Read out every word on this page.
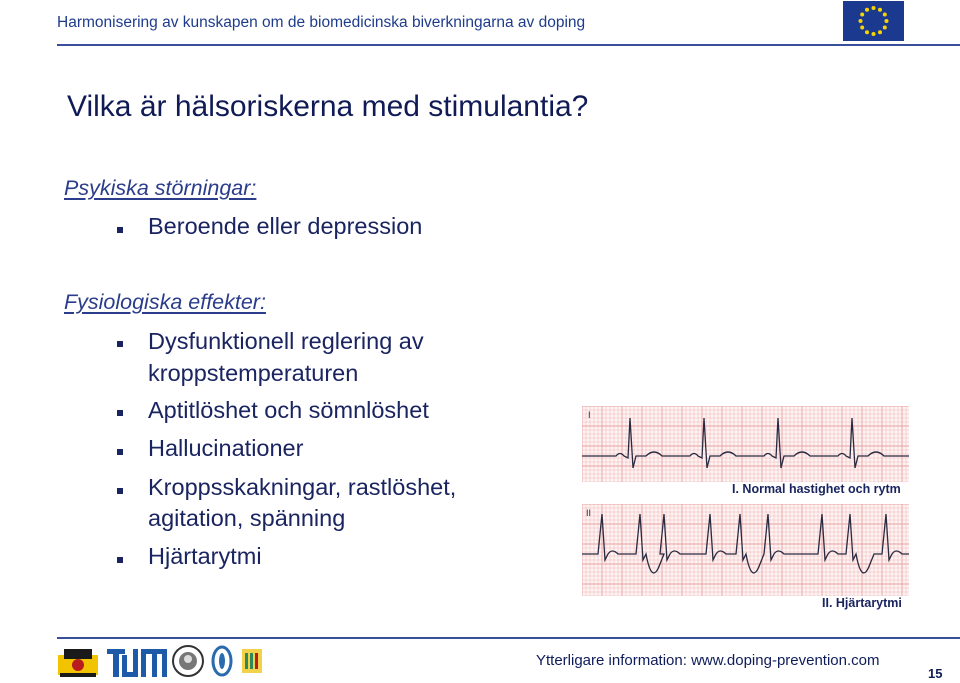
Harmonisering av kunskapen om de biomedicinska biverkningarna av doping
Vilka är hälsoriskerna med stimulantia?
Psykiska störningar:
Beroende eller depression
Fysiologiska effekter:
Dysfunktionell reglering av
kroppstemperaturen
Aptitlöshet och sömnlöshet
Hallucinationer
Kroppsskakningar, rastlöshet,
agitation, spänning
Hjärtarytmi
I
I. Normal hastighet och rytm
II
II. Hjärtarytmi
Ytterligare information: www.doping-prevention.com
15
